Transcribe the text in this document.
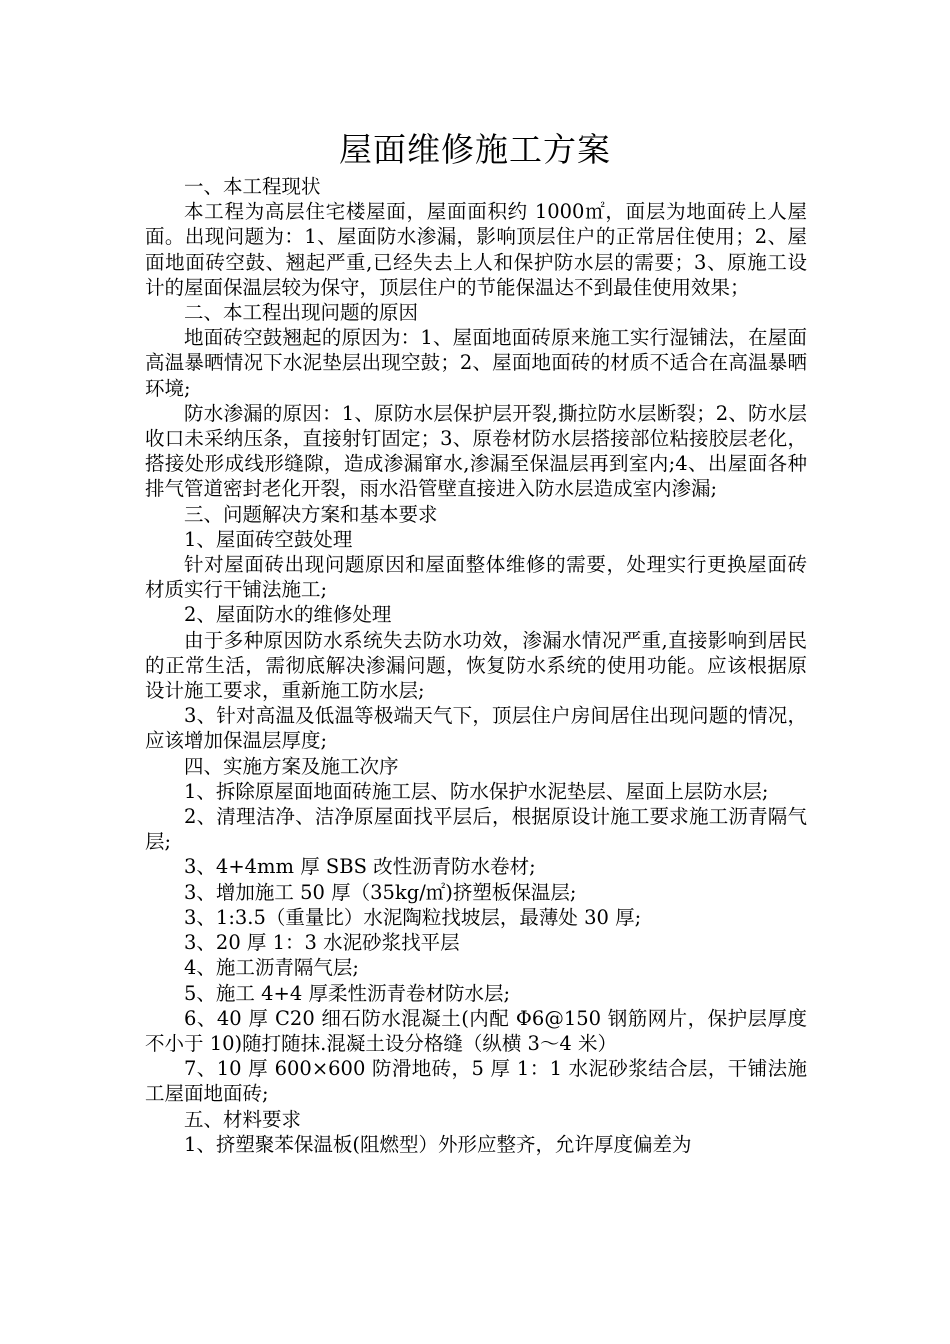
屋面维修施工方案

一、本工程现状

本工程为高层住宅楼屋面，屋面面积约 1000㎡，面层为地面砖上人屋面。出现问题为：1、屋面防水渗漏，影响顶层住户的正常居住使用；2、屋面地面砖空鼓、翘起严重,已经失去上人和保护防水层的需要；3、原施工设计的屋面保温层较为保守，顶层住户的节能保温达不到最佳使用效果；

二、本工程出现问题的原因

地面砖空鼓翘起的原因为：1、屋面地面砖原来施工实行湿铺法，在屋面高温暴晒情况下水泥垫层出现空鼓；2、屋面地面砖的材质不适合在高温暴晒环境;

防水渗漏的原因：1、原防水层保护层开裂,撕拉防水层断裂；2、防水层收口未采纳压条，直接射钉固定；3、原卷材防水层搭接部位粘接胶层老化，搭接处形成线形缝隙，造成渗漏窜水,渗漏至保温层再到室内;4、出屋面各种排气管道密封老化开裂，雨水沿管壁直接进入防水层造成室内渗漏;

三、问题解决方案和基本要求

1、屋面砖空鼓处理

针对屋面砖出现问题原因和屋面整体维修的需要，处理实行更换屋面砖材质实行干铺法施工;

2、屋面防水的维修处理

由于多种原因防水系统失去防水功效，渗漏水情况严重,直接影响到居民的正常生活，需彻底解决渗漏问题，恢复防水系统的使用功能。应该根据原设计施工要求，重新施工防水层;

3、针对高温及低温等极端天气下，顶层住户房间居住出现问题的情况，应该增加保温层厚度;

四、实施方案及施工次序

1、拆除原屋面地面砖施工层、防水保护水泥垫层、屋面上层防水层;

2、清理洁净、洁净原屋面找平层后，根据原设计施工要求施工沥青隔气层;

3、4+4mm 厚 SBS 改性沥青防水卷材;

3、增加施工 50 厚（35kg/㎡)挤塑板保温层;

3、1:3.5（重量比）水泥陶粒找坡层，最薄处 30 厚;

3、20 厚 1：3 水泥砂浆找平层

4、施工沥青隔气层;

5、施工 4+4 厚柔性沥青卷材防水层;

6、40 厚 C20 细石防水混凝土(内配 Φ6@150 钢筋网片，保护层厚度不小于 10)随打随抹.混凝土设分格缝（纵横 3～4 米）

7、10 厚 600×600 防滑地砖，5 厚 1：1 水泥砂浆结合层，干铺法施工屋面地面砖;

五、材料要求

1、挤塑聚苯保温板(阻燃型）外形应整齐，允许厚度偏差为
